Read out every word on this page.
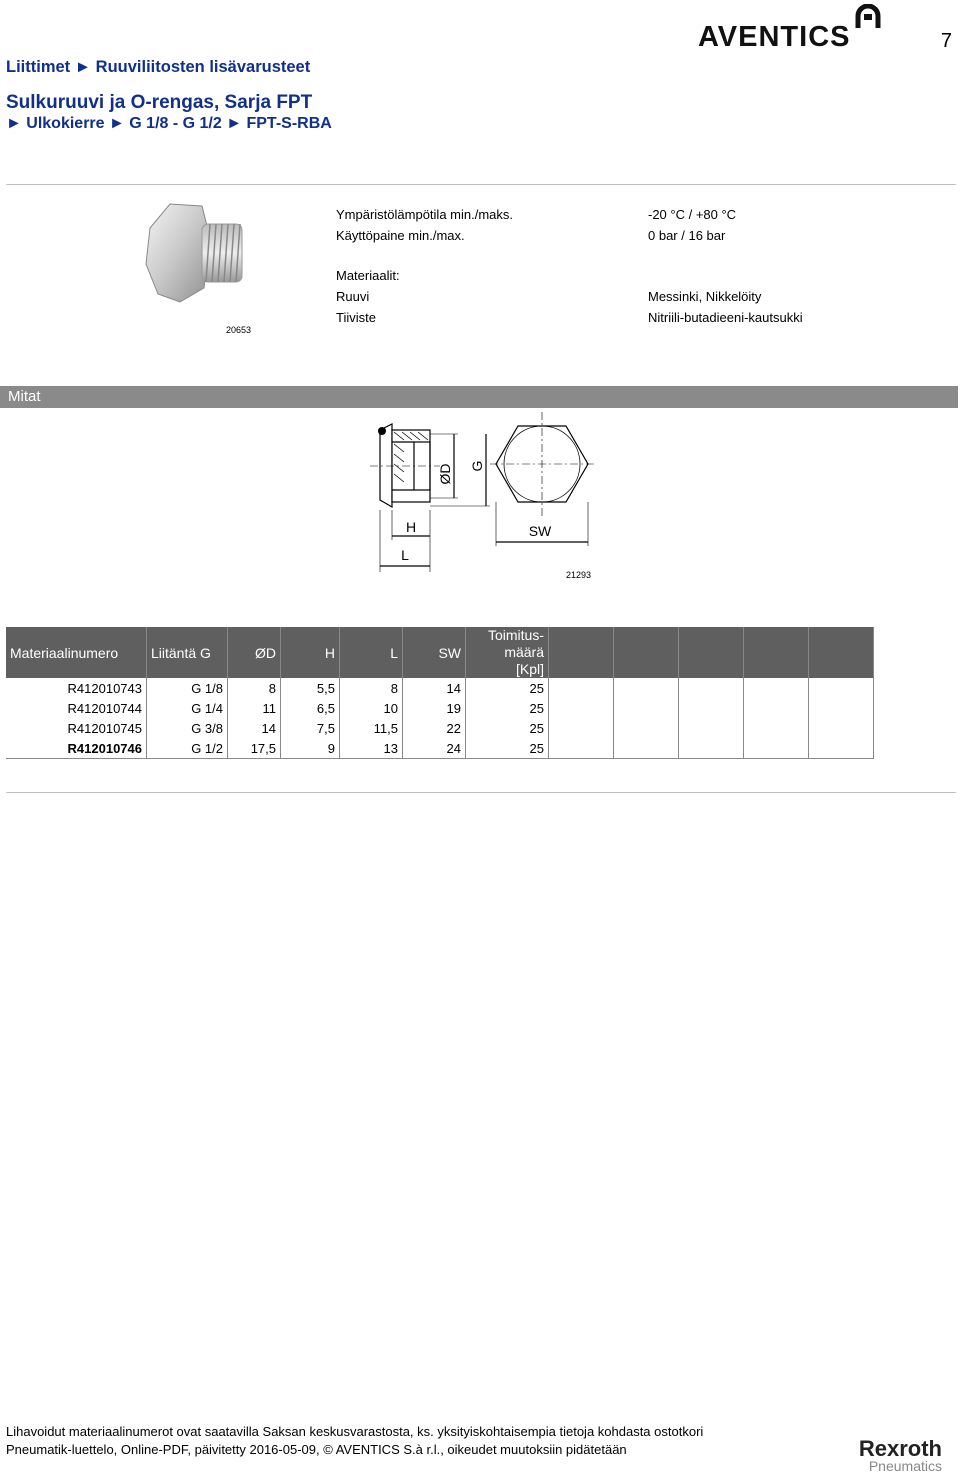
Liittimet ► Ruuviliitosten lisävarusteet
Sulkuruuvi ja O-rengas, Sarja FPT
► Ulkokierre ► G 1/8 - G 1/2 ► FPT-S-RBA
7
AVENTICS
20653
Ympäristölämpötila min./maks.	-20 °C / +80 °C
Käyttöpaine min./max.	0 bar / 16 bar
Materiaalit:
Ruuvi	Messinki, Nikkelöity
Tiiviste	Nitriili-butadieeni-kautsukki
Mitat
ØD G
H
L
SW
21293
Materiaalinumero	Liitäntä G	ØD	H	L	SW	Toimitus-
määrä
[Kpl]					
R412010743	G 1/8	8	5,5	8	14	25					
R412010744	G 1/4	11	6,5	10	19	25					
R412010745	G 3/8	14	7,5	11,5	22	25					
R412010746	G 1/2	17,5	9	13	24	25					
Lihavoidut materiaalinumerot ovat saatavilla Saksan keskusvarastosta, ks. yksityiskohtaisempia tietoja kohdasta ostotkori
Pneumatik-luettelo, Online-PDF, päivitetty 2016-05-09, © AVENTICS S.à r.l., oikeudet muutoksiin pidätetään	Rexroth
Pneumatics
